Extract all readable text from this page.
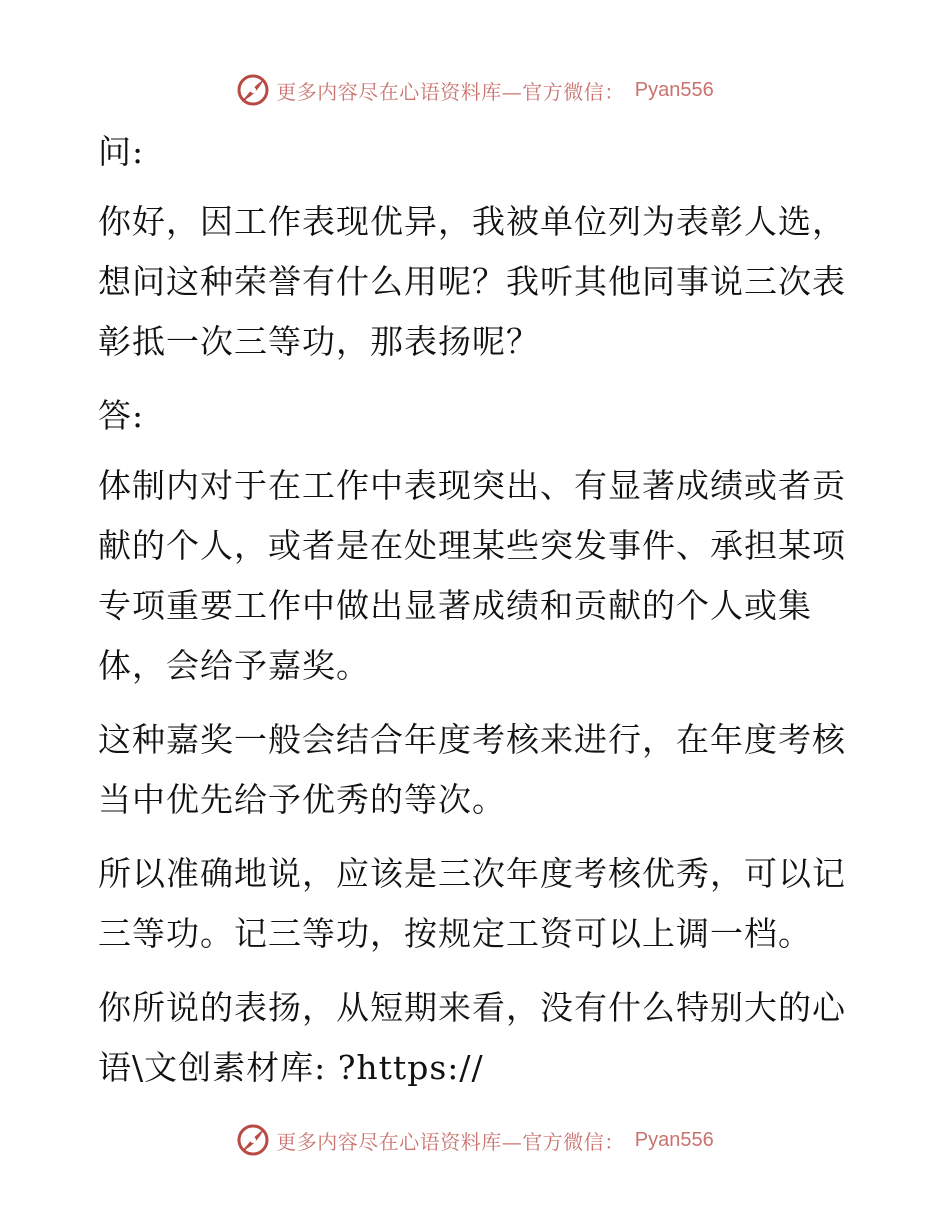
更多内容尽在心语资料库—官方微信： Pyan556

问:

你好，因工作表现优异，我被单位列为表彰人选，想问这种荣誉有什么用呢？我听其他同事说三次表彰抵一次三等功，那表扬呢？

答:

体制内对于在工作中表现突出、有显著成绩或者贡献的个人，或者是在处理某些突发事件、承担某项专项重要工作中做出显著成绩和贡献的个人或集体，会给予嘉奖。

这种嘉奖一般会结合年度考核来进行，在年度考核当中优先给予优秀的等次。

所以准确地说，应该是三次年度考核优秀，可以记三等功。记三等功，按规定工资可以上调一档。

你所说的表扬，从短期来看，没有什么特别大的心语\文创素材库: ?https://

更多内容尽在心语资料库—官方微信： Pyan556
